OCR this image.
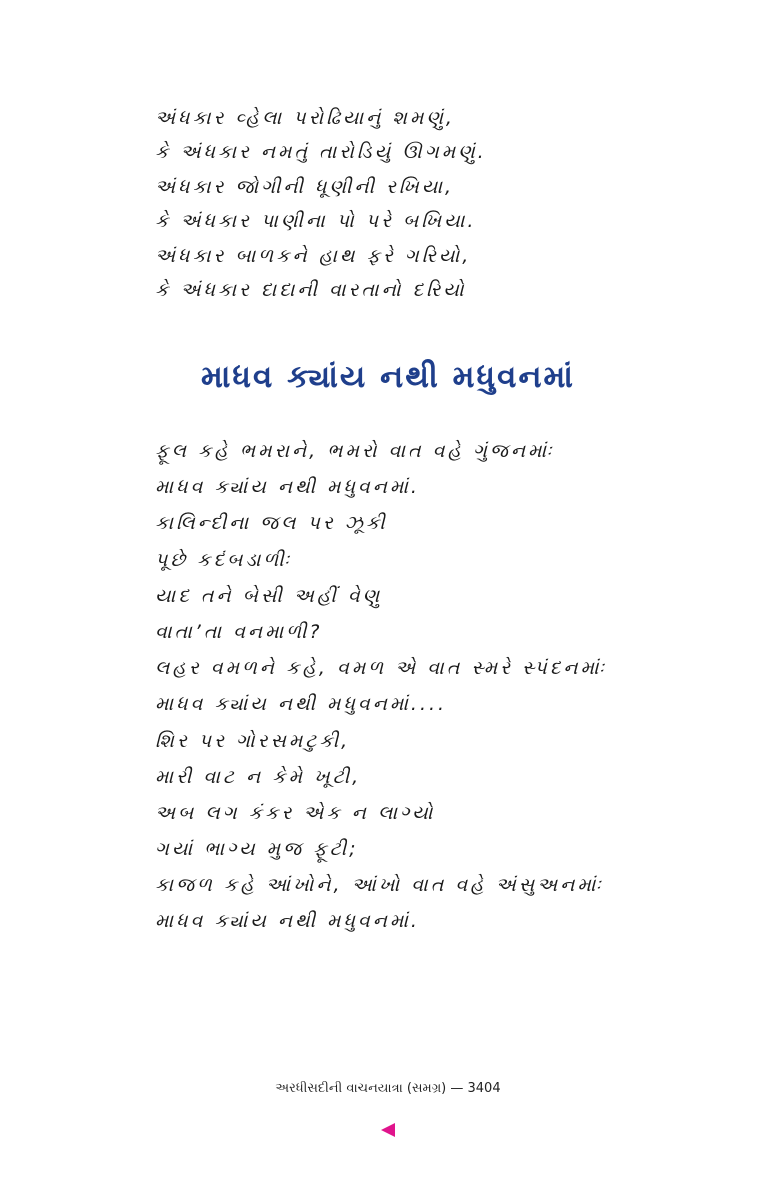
અંધકાર વ્હેલા પરોઢિયાનું શમણું,
કે અંધકાર નમતું તારોડિયું ઊગમણું.
અંધકાર જોગીની ધૂણીની રખિયા,
કે અંધકાર પાણીના પો પરે બખિયા.
અંધકાર બાળકને હાથ ફરે ગરિયો,
કે અંધકાર દાદાની વારતાનો દરિયો
માધવ ક્યાંય નથી મધુવનમાં
ફૂલ કહે ભમરાને, ભમરો વાત વહે ગુંજનમાંઃ
માધવ ક્યાંય નથી મધુવનમાં.
કાલિન્દીના જલ પર ઝૂકી
પૂછે કદંબડાળીઃ
યાદ તને બેસી અહીં વેણુ
વાતા’તા વનમાળી?
લહર વમળને કહે, વમળ એ વાત સ્મરે સ્પંદનમાંઃ
માધવ ક્યાંય નથી મધુવનમાં....
શિર પર ગોરસમટુકી,
મારી વાટ ન કેમે ખૂટી,
અબ લગ કંકર એક ન લાગ્યો
ગયાં ભાગ્ય મુજ ફૂટી;
કાજળ કહે આંખોને, આંખો વાત વહે અંસુઅનમાંઃ
માધવ ક્યાંય નથી મધુવનમાં.
અરધીસદીની વાચનયાત્રા (સમગ્ર) — 3404
